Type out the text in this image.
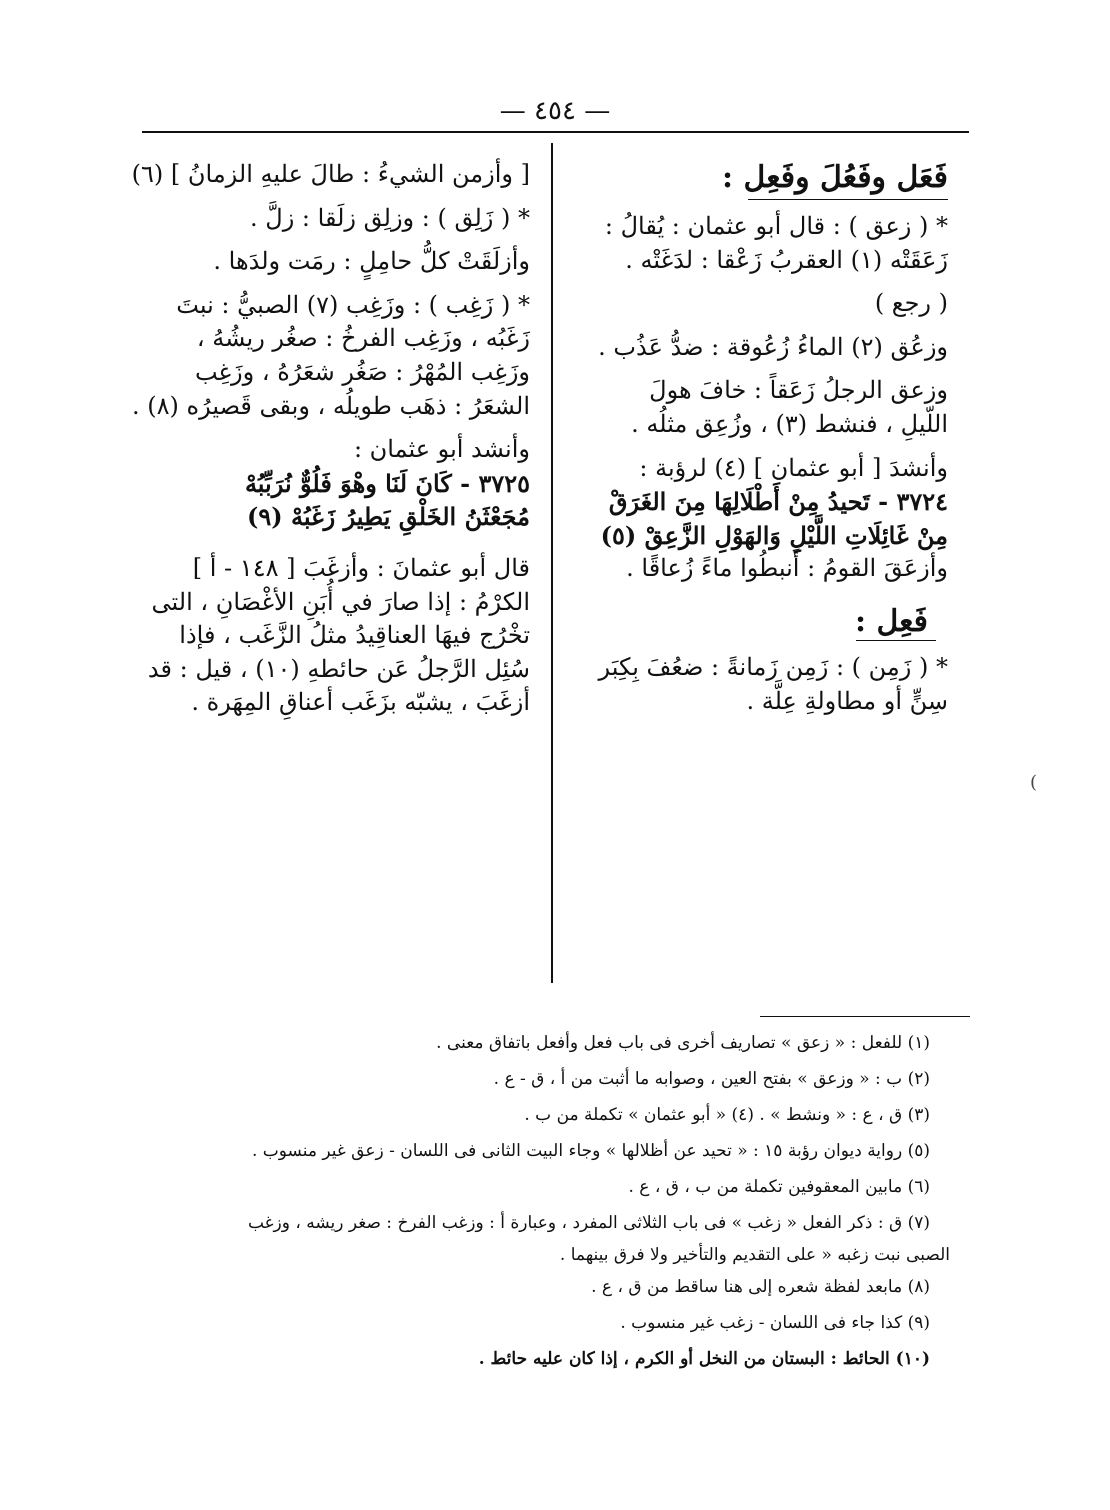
— ٤٥٤ —
فَعَل وفَعُلَ وفَعِل :
* ( زعق ) : قال أبو عثمان : يُقالُ :
زَعَقَتْه (١) العقربُ زَعْقا : لدَغَتْه .
( رجع )
وزعُق (٢) الماءُ زُعُوقة : ضدُّ عَذُب .
وزعق الرجلُ زَعَقاً : خافَ هولَ
اللّيلِ ، فنشط (٣) ، وزُعِق مثلُه .
وأنشدَ [ أبو عثمان ] (٤) لرؤبة :
٣٧٢٤ - تَحيدُ مِنْ أَطْلَالِهَا مِنَ الغَرَقْ
مِنْ غَائِلَاتِ اللَّيْلِ وَالهَوْلِ الزَّعِقْ (٥)
وأزعَقَ القومُ : أَنبطُوا ماءً زُعاقًا .
فَعِل :
* ( زَمِن ) : زَمِن زَمانةً : ضعُفَ بِكِبَر
سِنٍّ أو مطاولةِ عِلَّة .
[ وأزمن الشيءُ : طالَ عليهِ الزمانُ ] (٦)
* ( زَلِق ) : وزلِق زلَقا : زلَّ .
وأزلَقَتْ كلُّ حامِلٍ : رمَت ولدَها .
* ( زَغِب ) : وزَغِب (٧) الصبيُّ : نبتَ
زَغَبُه ، وزَغِب الفرخُ : صغُر ريشُهُ ،
وزَغِب المُهْرُ : صَغُر شعَرُهُ ، وزَغِب
الشعَرُ : ذهَب طويلُه ، وبقى قَصيرُه (٨) .
وأنشد أبو عثمان :
٣٧٢٥ - كَانَ لَنَا وهْوَ فَلُوٌّ نُرَبِّبُهْ
مُجَعْثَنُ الخَلْقِ يَطِيرُ زَغَبُهْ (٩)
قال أبو عثمانَ : وأزغَبَ [ ١٤٨ - أ ]
الكرْمُ : إذا صارَ في أُبَنِ الأغْصَانِ ، التى
تخْرُج فيهَا العناقِيدُ مثلُ الزَّغَب ، فإذا
سُئِل الرَّجلُ عَن حائطهِ (١٠) ، قيل : قد
أزغَبَ ، يشبّه بزَغَب أعناقِ المِهَرة .
(١) للفعل : « زعق » تصاريف أخرى فى باب فعل وأفعل باتفاق معنى .
(٢) ب : « وزعق » بفتح العين ، وصوابه ما أثبت من أ ، ق - ع .
(٣) ق ، ع : « ونشط » . (٤) « أبو عثمان » تكملة من ب .
(٥) رواية ديوان رؤبة ١٥ : « تحيد عن أظلالها » وجاء البيت الثانى فى اللسان - زعق غير منسوب .
(٦) مابين المعقوفين تكملة من ب ، ق ، ع .
(٧) ق : ذكر الفعل « زغب » فى باب الثلاثى المفرد ، وعبارة أ : وزغب الفرخ : صغر ريشه ، وزغب
الصبى نبت زغبه « على التقديم والتأخير ولا فرق بينهما .
(٨) مابعد لفظة شعره إلى هنا ساقط من ق ، ع .
(٩) كذا جاء فى اللسان - زغب غير منسوب .
(١٠) الحائط : البستان من النخل أو الكرم ، إذا كان عليه حائط .
(
